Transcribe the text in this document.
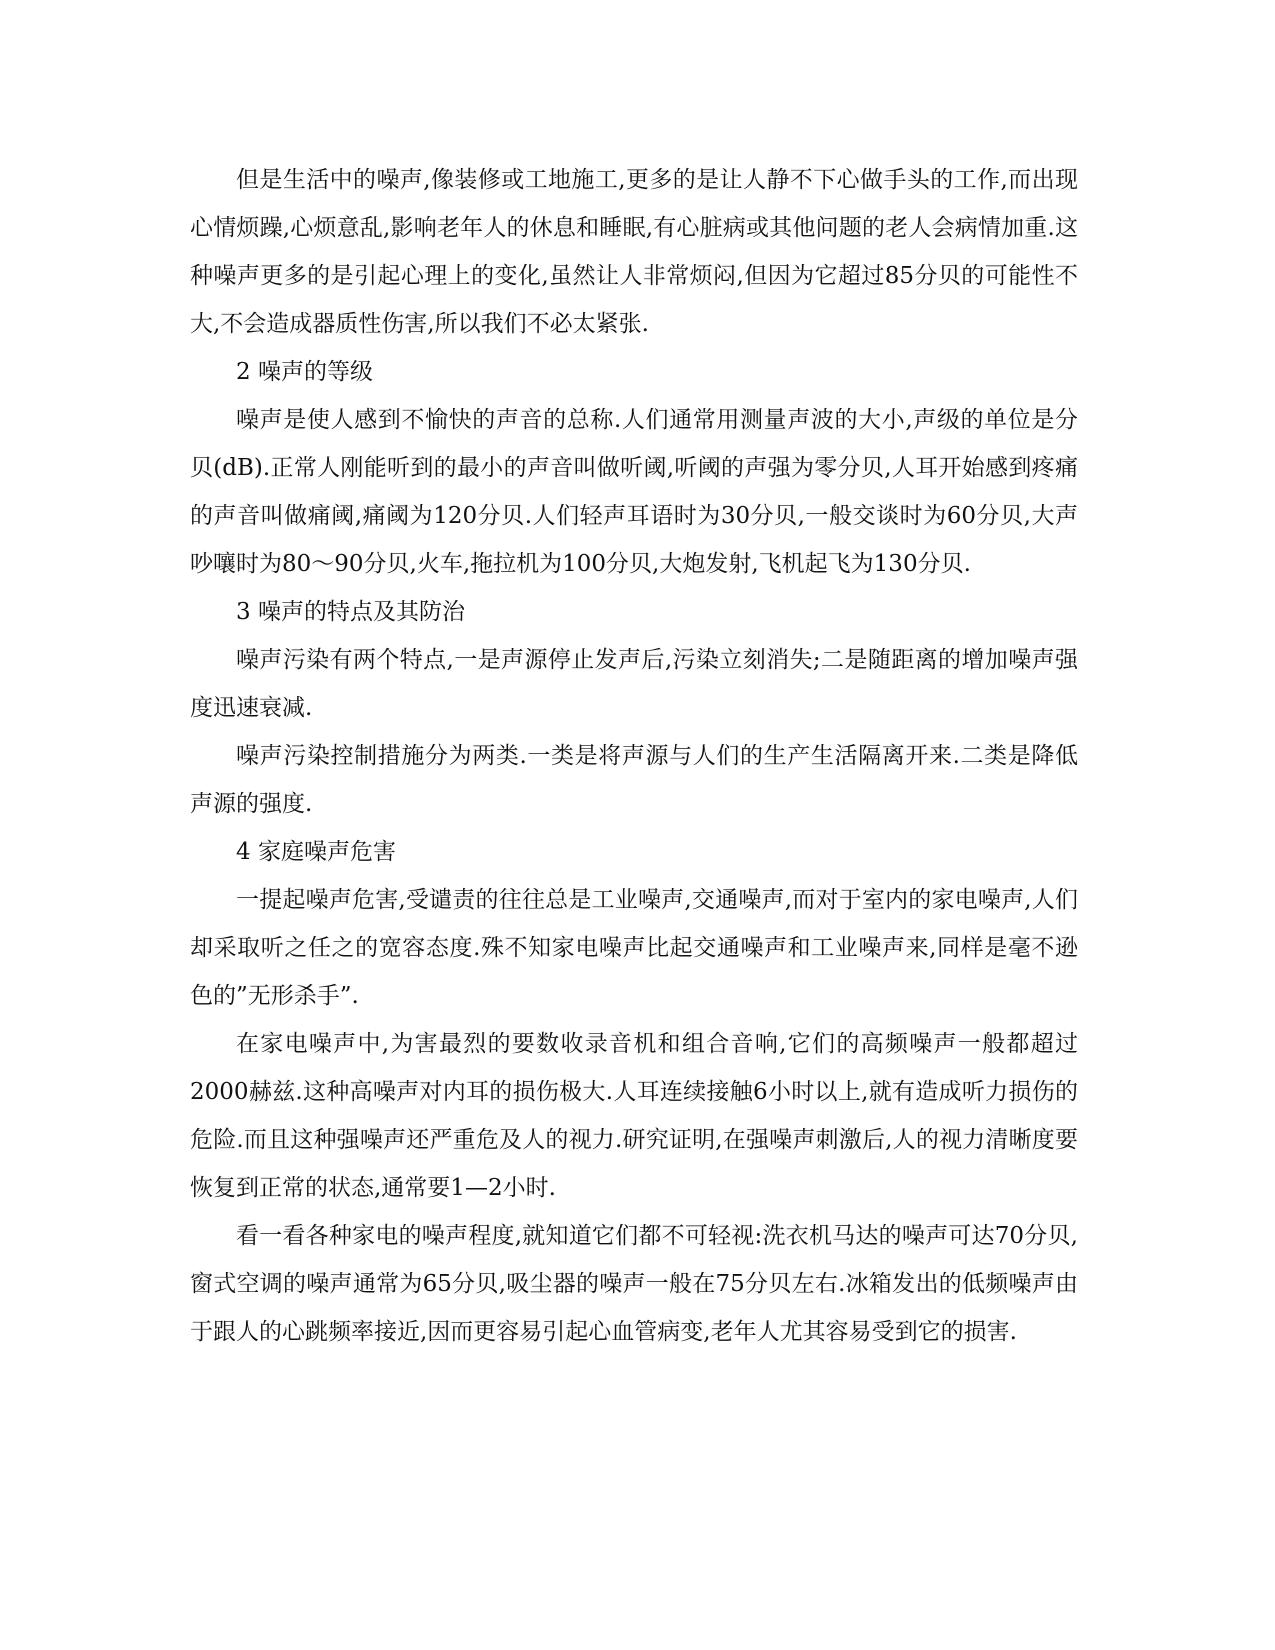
但是生活中的噪声,像装修或工地施工,更多的是让人静不下心做手头的工作,而出现心情烦躁,心烦意乱,影响老年人的休息和睡眠,有心脏病或其他问题的老人会病情加重.这种噪声更多的是引起心理上的变化,虽然让人非常烦闷,但因为它超过85分贝的可能性不大,不会造成器质性伤害,所以我们不必太紧张.

2 噪声的等级

噪声是使人感到不愉快的声音的总称.人们通常用测量声波的大小,声级的单位是分贝(dB).正常人刚能听到的最小的声音叫做听阈,听阈的声强为零分贝,人耳开始感到疼痛的声音叫做痛阈,痛阈为120分贝.人们轻声耳语时为30分贝,一般交谈时为60分贝,大声吵嚷时为80～90分贝,火车,拖拉机为100分贝,大炮发射,飞机起飞为130分贝.

3 噪声的特点及其防治

噪声污染有两个特点,一是声源停止发声后,污染立刻消失;二是随距离的增加噪声强度迅速衰减.

噪声污染控制措施分为两类.一类是将声源与人们的生产生活隔离开来.二类是降低声源的强度.

4 家庭噪声危害

一提起噪声危害,受谴责的往往总是工业噪声,交通噪声,而对于室内的家电噪声,人们却采取听之任之的宽容态度.殊不知家电噪声比起交通噪声和工业噪声来,同样是毫不逊色的”无形杀手”.

在家电噪声中,为害最烈的要数收录音机和组合音响,它们的高频噪声一般都超过2000赫兹.这种高噪声对内耳的损伤极大.人耳连续接触6小时以上,就有造成听力损伤的危险.而且这种强噪声还严重危及人的视力.研究证明,在强噪声刺激后,人的视力清晰度要恢复到正常的状态,通常要1—2小时.

看一看各种家电的噪声程度,就知道它们都不可轻视:洗衣机马达的噪声可达70分贝,窗式空调的噪声通常为65分贝,吸尘器的噪声一般在75分贝左右.冰箱发出的低频噪声由于跟人的心跳频率接近,因而更容易引起心血管病变,老年人尤其容易受到它的损害.
